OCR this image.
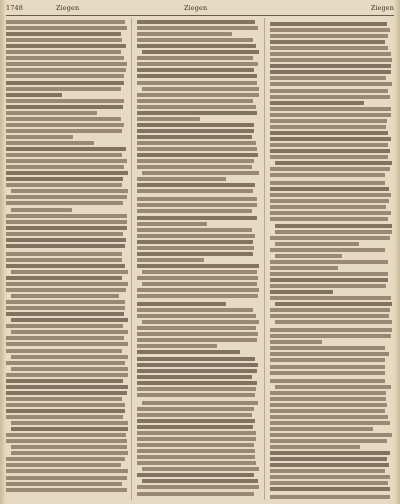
1748	Ziegen	Ziegen	Ziegen
